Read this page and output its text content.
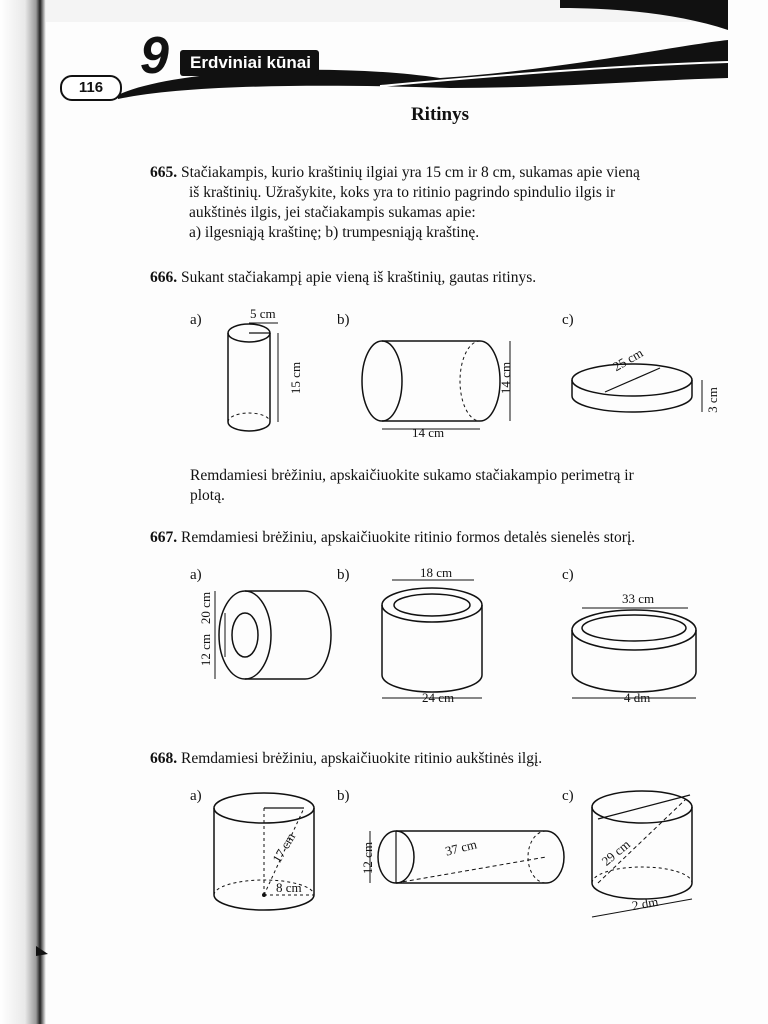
9	Erdviniai kūnai
116
Ritinys
665. Stačiakampis, kurio kraštinių ilgiai yra 15 cm ir 8 cm, sukamas apie vieną
iš kraštinių. Užrašykite, koks yra to ritinio pagrindo spindulio ilgis ir
aukštinės ilgis, jei stačiakampis sukamas apie:
a) ilgesniąją kraštinę; b) trumpesniąją kraštinę.
666. Sukant stačiakampį apie vieną iš kraštinių, gautas ritinys.
a)	b)	c)
5 cm
15 cm	14 cm
14 cm
25 cm
3 cm
Remdamiesi brėžiniu, apskaičiuokite sukamo stačiakampio perimetrą ir
plotą.
667. Remdamiesi brėžiniu, apskaičiuokite ritinio formos detalės sienelės storį.
a)	b)	c)
20 cm
12 cm
18 cm
24 cm
33 cm
4 dm
668. Remdamiesi brėžiniu, apskaičiuokite ritinio aukštinės ilgį.
a)	b)	c)
17 cm
8 cm
12 cm	37 cm	29 cm
2 dm
